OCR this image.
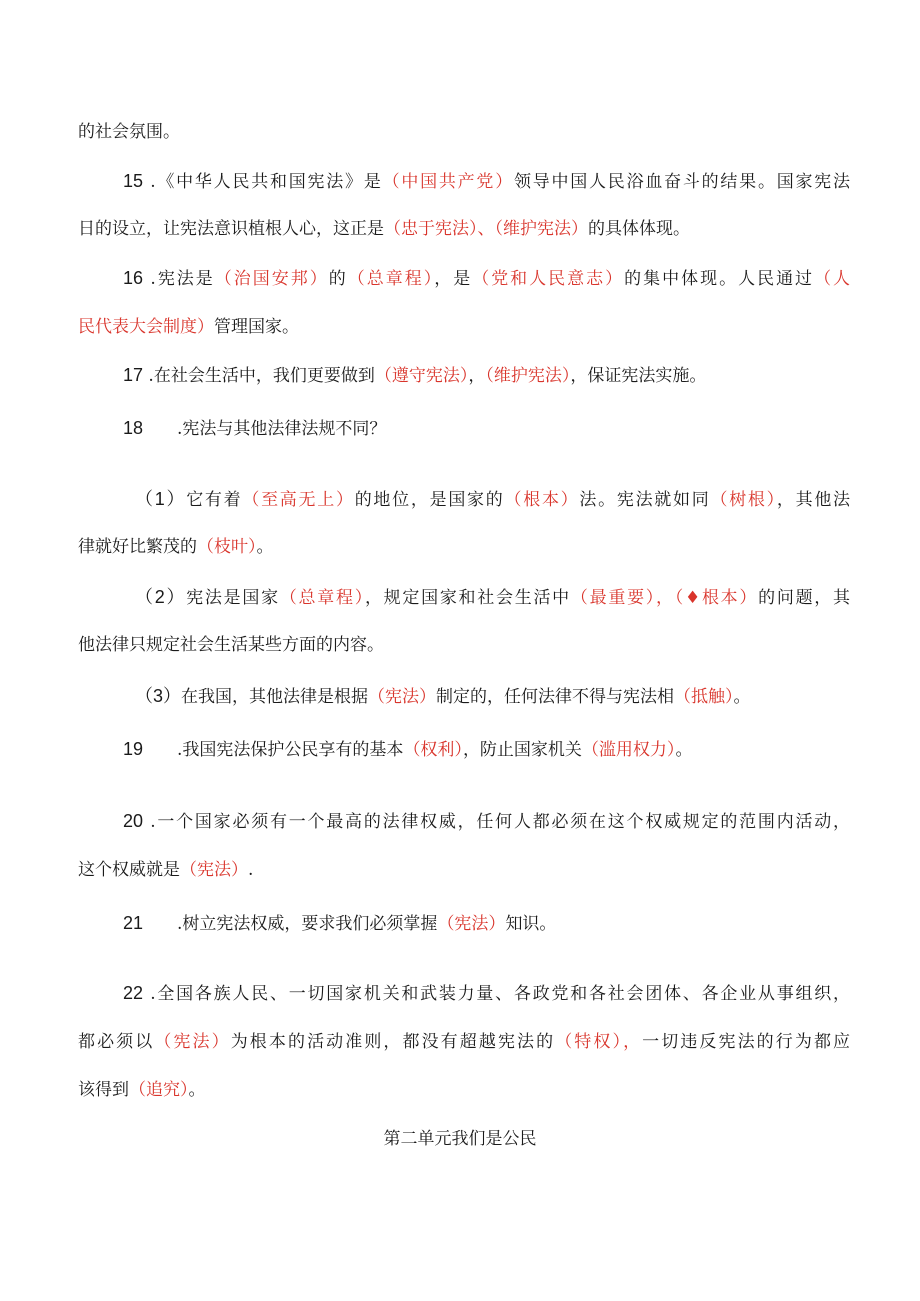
的社会氛围。
15 .《中华人民共和国宪法》是（中国共产党）领导中国人民浴血奋斗的结果。国家宪法
日的设立，让宪法意识植根人心，这正是（忠于宪法）、（维护宪法）的具体体现。
16 .宪法是（治国安邦）的（总章程），是（党和人民意志）的集中体现。人民通过（人
民代表大会制度）管理国家。
17 .在社会生活中，我们更要做到（遵守宪法），（维护宪法），保证宪法实施。
18　　.宪法与其他法律法规不同？
（1）它有着（至高无上）的地位，是国家的（根本）法。宪法就如同（树根），其他法
律就好比繁茂的（枝叶）。
（2）宪法是国家（总章程），规定国家和社会生活中（最重要），（♦根本）的问题，其
他法律只规定社会生活某些方面的内容。
（3）在我国，其他法律是根据（宪法）制定的，任何法律不得与宪法相（抵触）。
19　　.我国宪法保护公民享有的基本（权利），防止国家机关（滥用权力）。
20 .一个国家必须有一个最高的法律权威，任何人都必须在这个权威规定的范围内活动，
这个权威就是（宪法）.
21　　.树立宪法权威，要求我们必须掌握（宪法）知识。
22 .全国各族人民、一切国家机关和武装力量、各政党和各社会团体、各企业从事组织，
都必须以（宪法）为根本的活动准则，都没有超越宪法的（特权），一切违反宪法的行为都应
该得到（追究）。
第二单元我们是公民
